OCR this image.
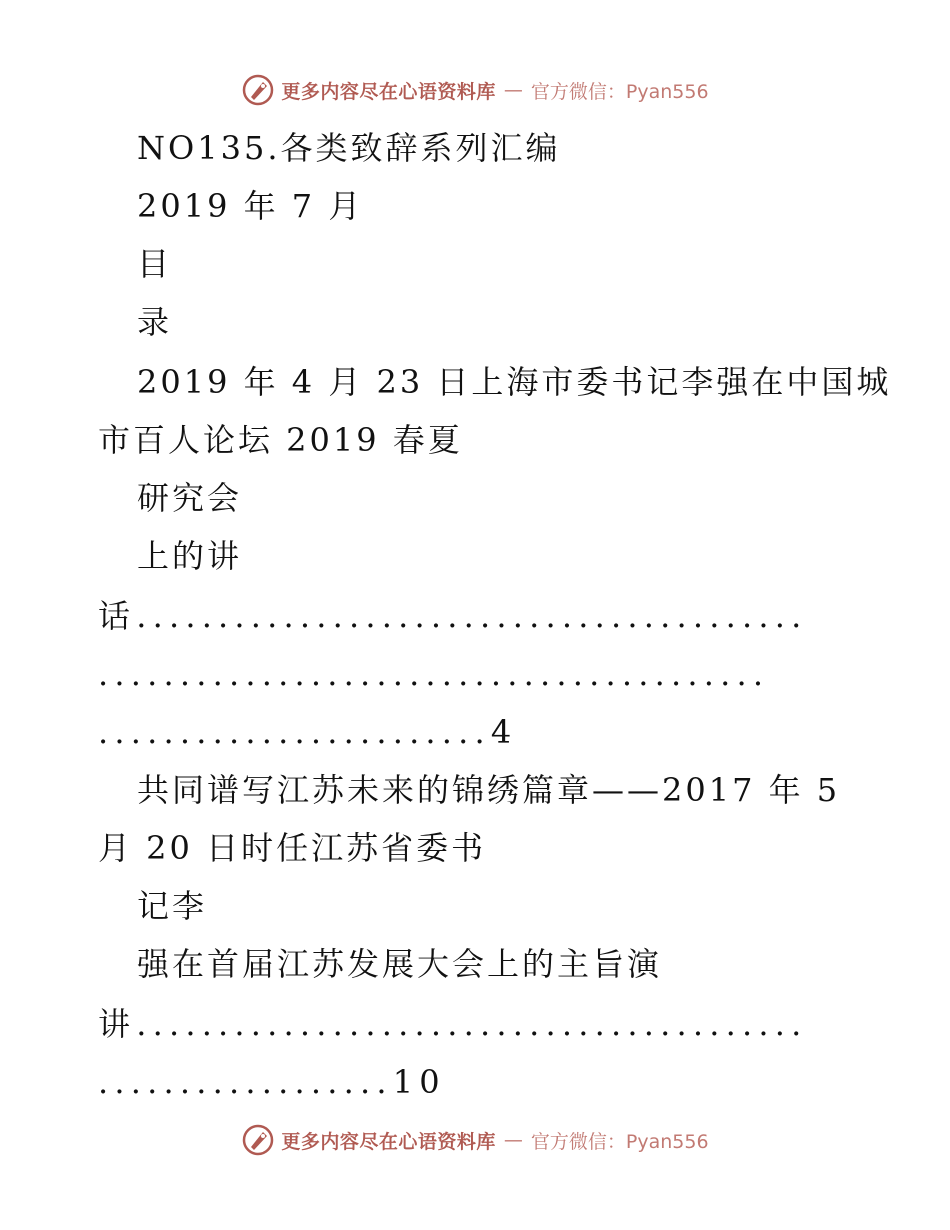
更多内容尽在心语资料库 — 官方微信：Pyan556
NO135.各类致辞系列汇编
2019 年 7 月
目
录
2019 年 4 月 23 日上海市委书记李强在中国城
市百人论坛 2019 春夏
研究会
上的讲
话.........................................
.........................................
........................4
共同谱写江苏未来的锦绣篇章——2017 年 5
月 20 日时任江苏省委书
记李
强在首届江苏发展大会上的主旨演
讲.........................................
..................10
更多内容尽在心语资料库 — 官方微信：Pyan556
